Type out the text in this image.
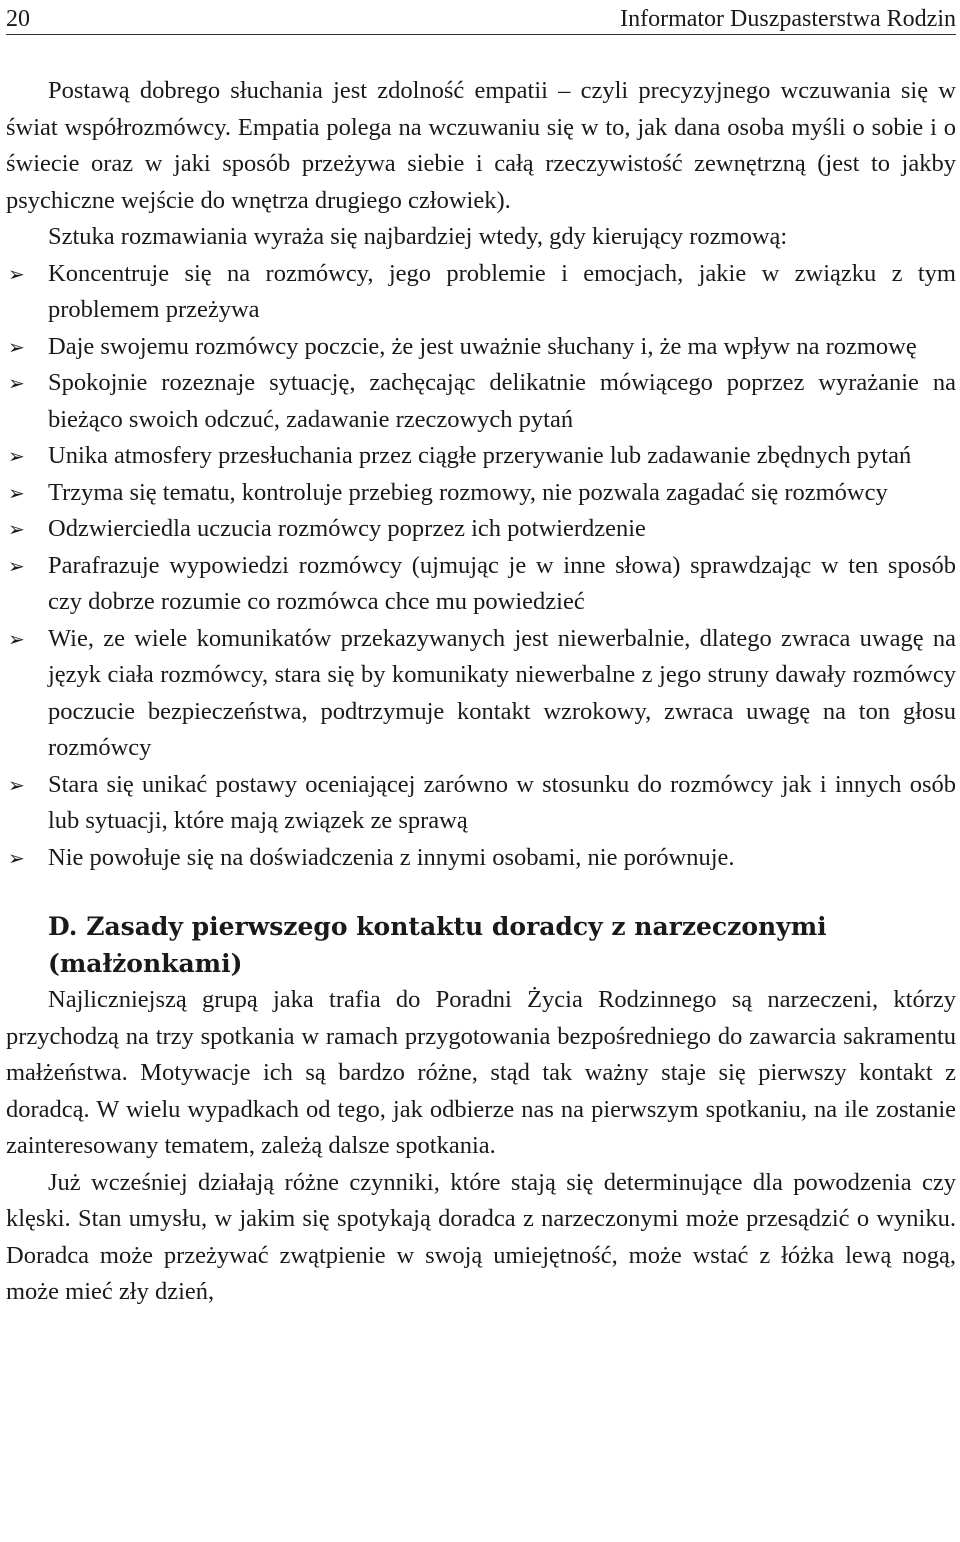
20	Informator Duszpasterstwa Rodzin

Postawą dobrego słuchania jest zdolność empatii – czyli precyzyjnego wczuwania się w świat współrozmówcy. Empatia polega na wczuwaniu się w to, jak dana osoba myśli o sobie i o świecie oraz w jaki sposób przeżywa siebie i całą rzeczywistość zewnętrzną (jest to jakby psychiczne wejście do wnętrza drugiego człowiek).

Sztuka rozmawiania wyraża się najbardziej wtedy, gdy kierujący rozmową:

➢ Koncentruje się na rozmówcy, jego problemie i emocjach, jakie w związku z tym problemem przeżywa
➢ Daje swojemu rozmówcy poczcie, że jest uważnie słuchany i, że ma wpływ na rozmowę
➢ Spokojnie rozeznaje sytuację, zachęcając delikatnie mówiącego poprzez wyrażanie na bieżąco swoich odczuć, zadawanie rzeczowych pytań
➢ Unika atmosfery przesłuchania przez ciągłe przerywanie lub zadawanie zbędnych pytań
➢ Trzyma się tematu, kontroluje przebieg rozmowy, nie pozwala zagadać się rozmówcy
➢ Odzwierciedla uczucia rozmówcy poprzez ich potwierdzenie
➢ Parafrazuje wypowiedzi rozmówcy (ujmując je w inne słowa) sprawdzając w ten sposób czy dobrze rozumie co rozmówca chce mu powiedzieć
➢ Wie, ze wiele komunikatów przekazywanych jest niewerbalnie, dlatego zwraca uwagę na język ciała rozmówcy, stara się by komunikaty niewerbalne z jego struny dawały rozmówcy poczucie bezpieczeństwa, podtrzymuje kontakt wzrokowy, zwraca uwagę na ton głosu rozmówcy
➢ Stara się unikać postawy oceniającej zarówno w stosunku do rozmówcy jak i innych osób lub sytuacji, które mają związek ze sprawą
➢ Nie powołuje się na doświadczenia z innymi osobami, nie porównuje.
D. Zasady pierwszego kontaktu doradcy z narzeczonymi (małżonkami)

Najliczniejszą grupą jaka trafia do Poradni Życia Rodzinnego są narzeczeni, którzy przychodzą na trzy spotkania w ramach przygotowania bezpośredniego do zawarcia sakramentu małżeństwa. Motywacje ich są bardzo różne, stąd tak ważny staje się pierwszy kontakt z doradcą. W wielu wypadkach od tego, jak odbierze nas na pierwszym spotkaniu, na ile zostanie zainteresowany tematem, zależą dalsze spotkania.

Już wcześniej działają różne czynniki, które stają się determinujące dla powodzenia czy klęski. Stan umysłu, w jakim się spotykają doradca z narzeczonymi może przesądzić o wyniku. Doradca może przeżywać zwątpienie w swoją umiejętność, może wstać z łóżka lewą nogą, może mieć zły dzień,
